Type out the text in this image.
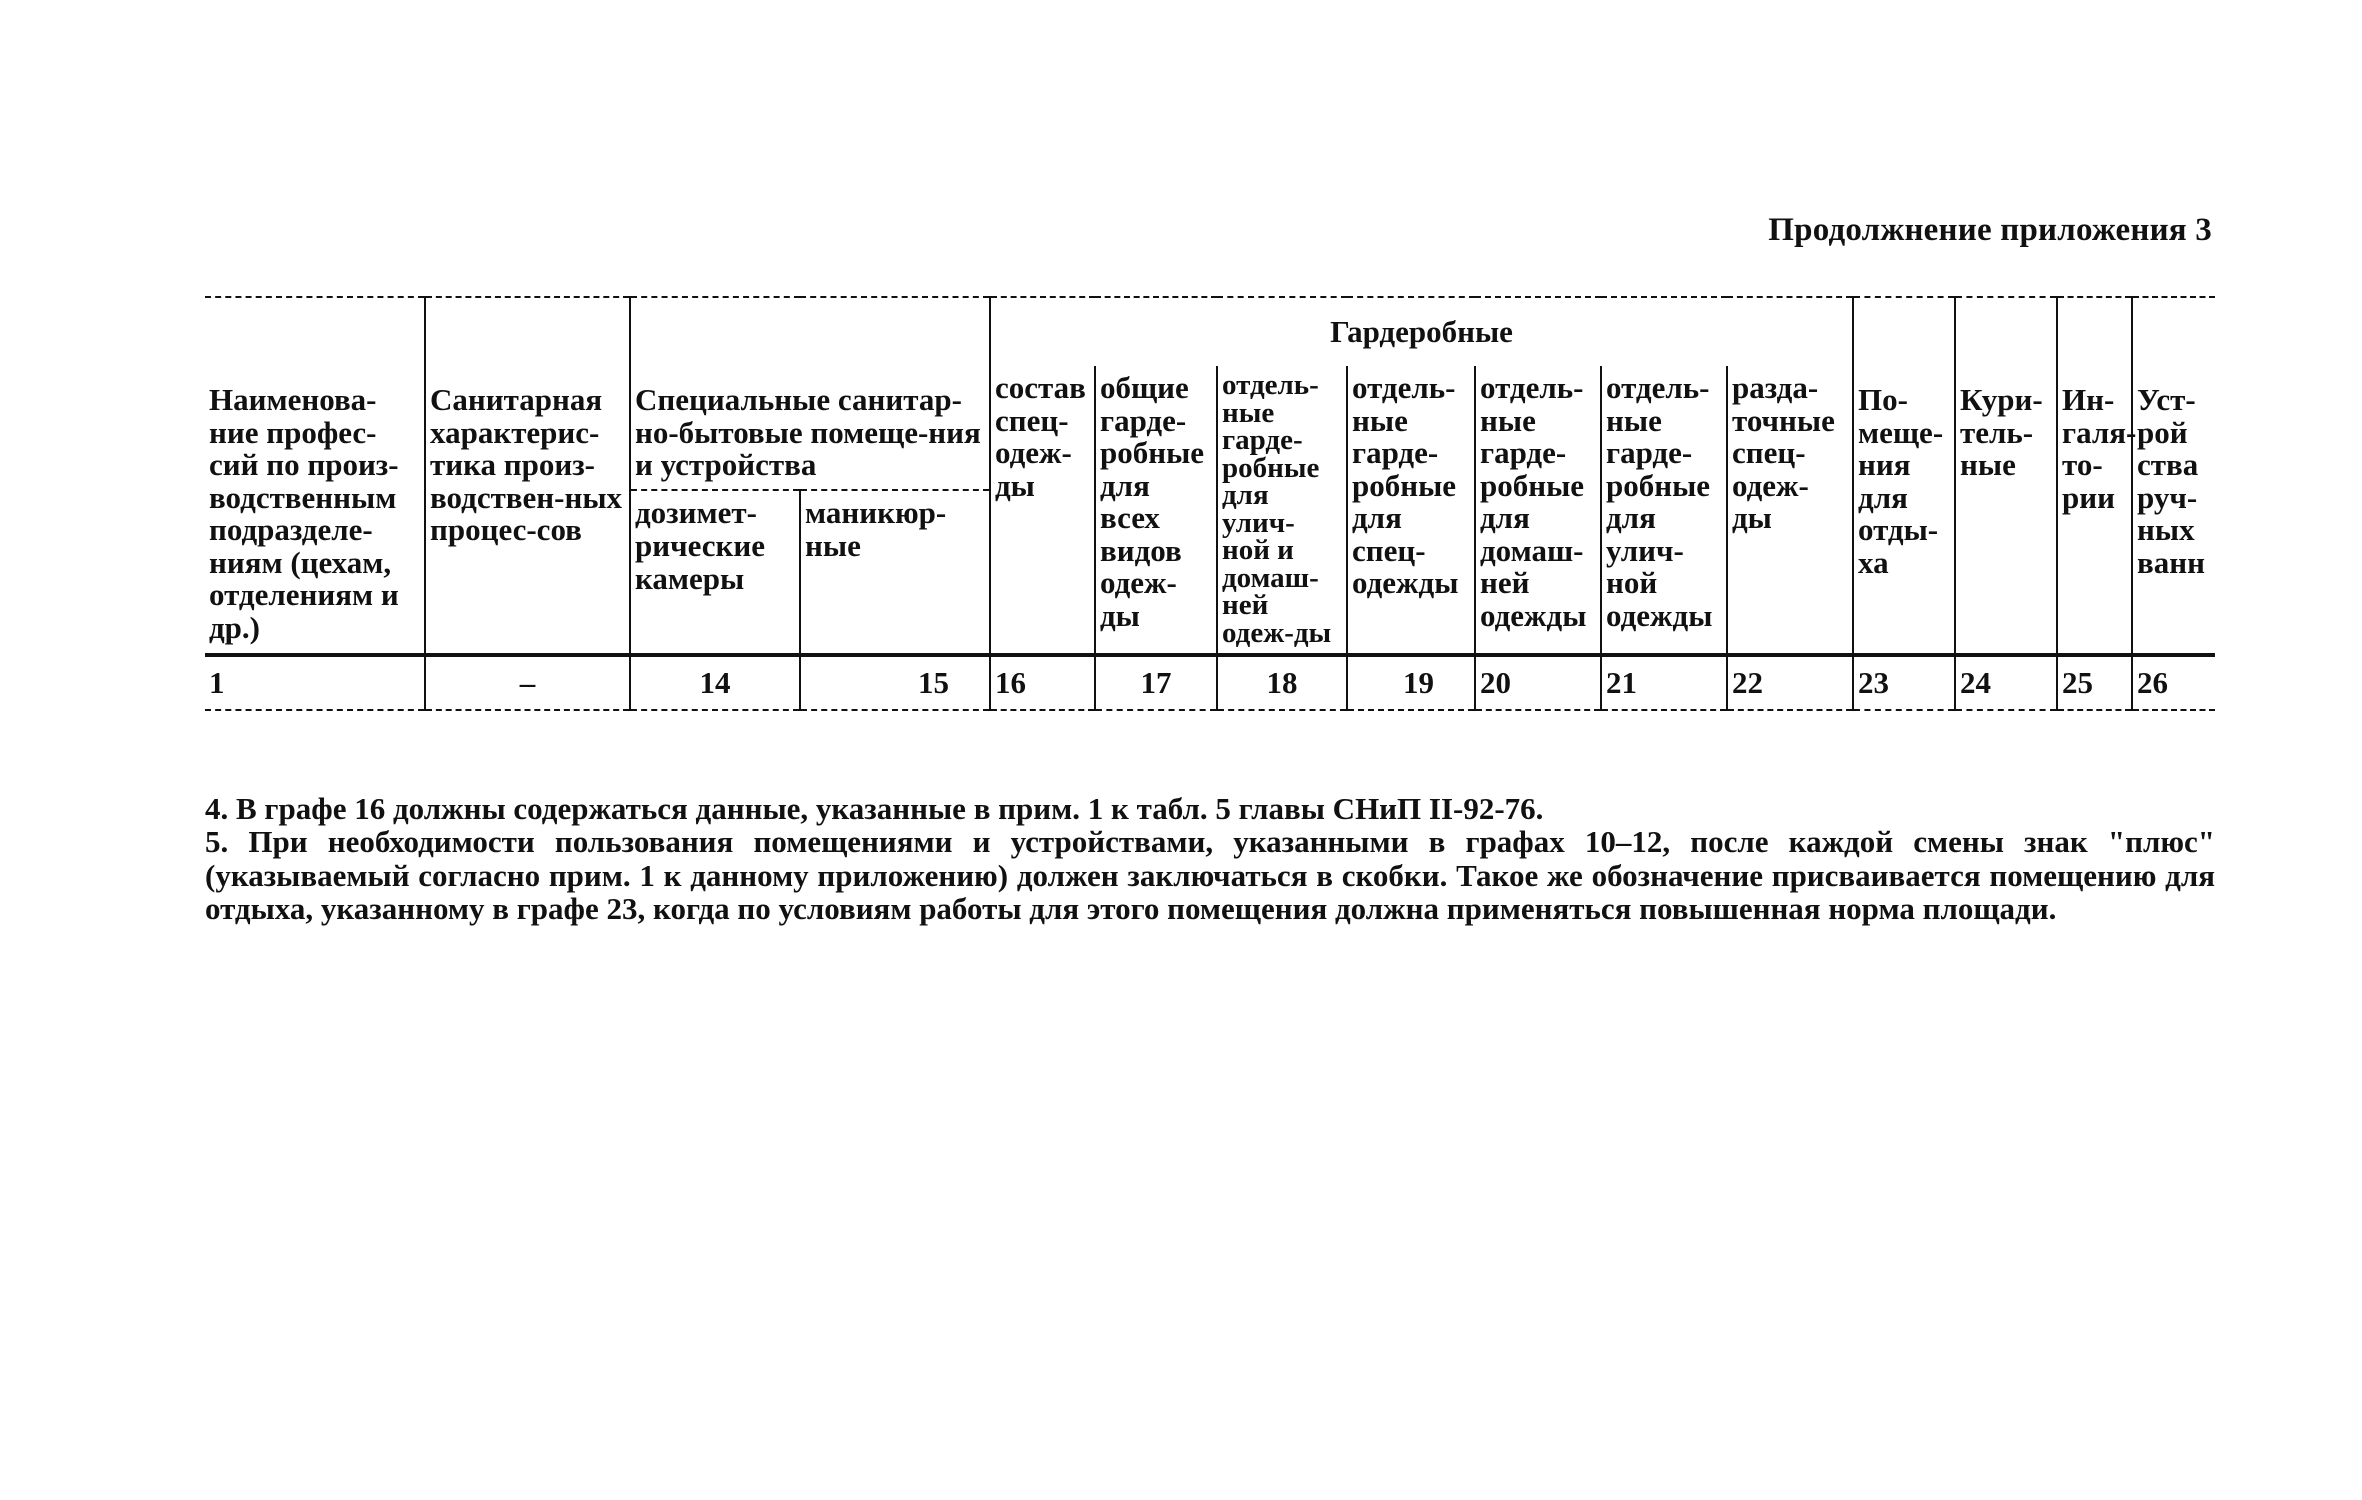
Продолжнение приложения 3
Наименова-ние профес-сий по произ-водственным подразделе-ниям (цехам, отделениям и др.)	Санитарная характерис-тика произ-водствен-ных процес-сов	Специальные санитар-но-бытовые помеще-ния и устройства		Гардеробные							По-меще-ния для отды-ха	Кури-тель-ные	Ин-галя-то-рии	Уст-рой ства руч-ных ванн
				состав спец-одеж-ды	общие гарде-робные для всех видов одеж-ды	отдель-ные гарде-робные для улич-ной и домаш-ней одеж-ды	отдель-ные гарде-робные для спец-одежды	отдель-ные гарде-робные для домаш-ней одежды	отдель-ные гарде-робные для улич-ной одежды	разда-точные спец-одеж-ды				
		дозимет-рические камеры	маникюр-ные											
1	–	14	15	16	17	18	19	20	21	22	23	24	25	26

4. В графе 16 должны содержаться данные, указанные в прим. 1 к табл. 5 главы СНиП II-92-76.

5. При необходимости пользования помещениями и устройствами, указанными в графах 10–12, после каждой смены знак "плюс" (указываемый согласно прим. 1 к данному приложению) должен заключаться в скобки. Такое же обозначение присваивается помещению для отдыха, указанному в графе 23, когда по условиям работы для этого помещения должна применяться повышенная норма площади.
